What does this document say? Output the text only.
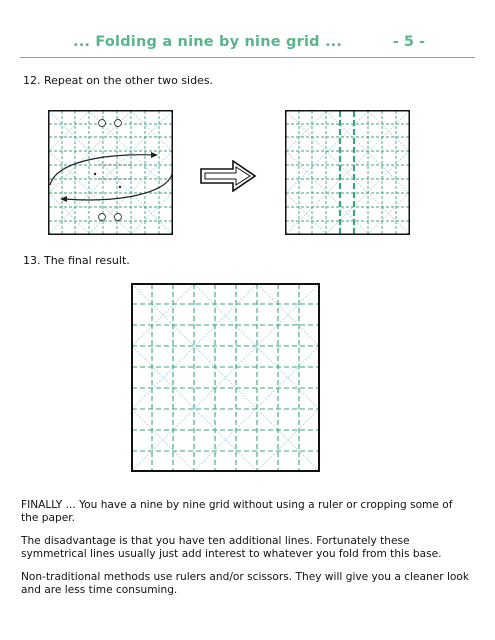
... Folding a nine by nine grid ...	- 5 -
12. Repeat on the other two sides.
13. The final result.
FINALLY ... You have a nine by nine grid without using a ruler or cropping some of the paper.
The disadvantage is that you have ten additional lines. Fortunately these symmetrical lines usually just add interest to whatever you fold from this base.
Non-traditional methods use rulers and/or scissors. They will give you a cleaner look and are less time consuming.
